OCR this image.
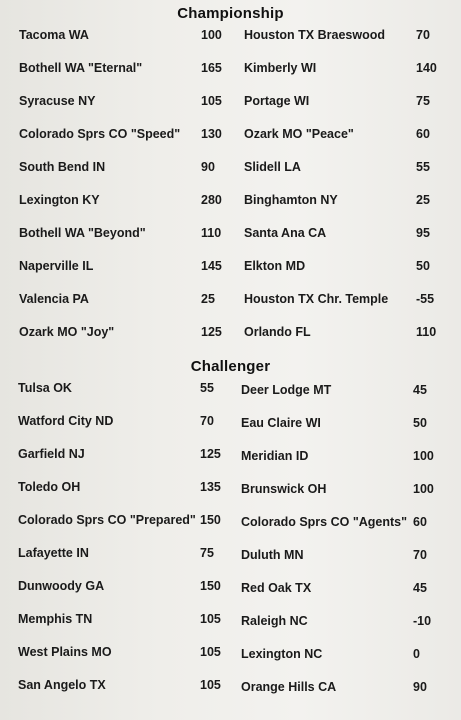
Championship
Tacoma WA	100
Bothell WA "Eternal"	165
Syracuse NY	105
Colorado Sprs CO "Speed" 130
South Bend IN	90
Lexington KY	280
Bothell WA "Beyond"	110
Naperville IL	145
Valencia PA	25
Ozark MO "Joy"	125
Houston TX Braeswood 70
Kimberly WI	140
Portage WI	75
Ozark MO "Peace"	60
Slidell LA	55
Binghamton NY	25
Santa Ana CA	95
Elkton MD	50
Houston TX Chr. Temple -55
Orlando FL	110
Challenger
Tulsa OK	55
Watford City ND	70
Garfield NJ	125
Toledo OH	135
Colorado Sprs CO "Prepared" 150
Lafayette IN	75
Dunwoody GA	150
Memphis TN	105
West Plains MO	105
San Angelo TX	105
Deer Lodge MT	45
Eau Claire WI	50
Meridian ID	100
Brunswick OH	100
Colorado Sprs CO "Agents" 60
Duluth MN	70
Red Oak TX	45
Raleigh NC	-10
Lexington NC	0
Orange Hills CA	90
